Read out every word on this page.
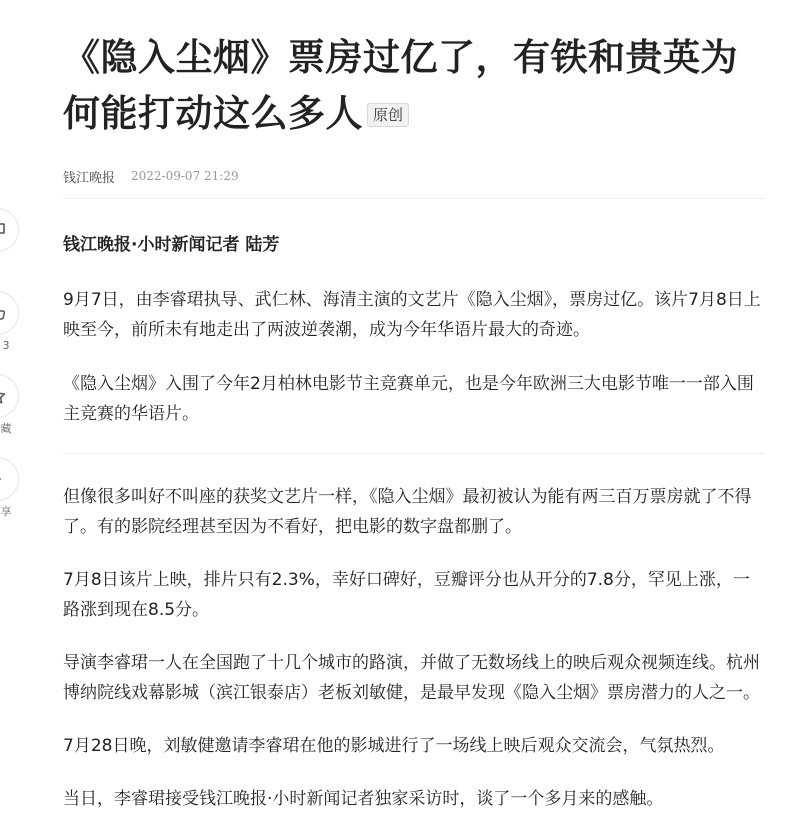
3
藏
享
《隐入尘烟》票房过亿了，有铁和贵英为何能打动这么多人 原创
钱江晚报 2022-09-07 21:29
钱江晚报·小时新闻记者 陆芳

9月7日，由李睿珺执导、武仁林、海清主演的文艺片《隐入尘烟》，票房过亿。该片7月8日上映至今，前所未有地走出了两波逆袭潮，成为今年华语片最大的奇迹。

《隐入尘烟》入围了今年2月柏林电影节主竞赛单元，也是今年欧洲三大电影节唯一一部入围主竞赛的华语片。

但像很多叫好不叫座的获奖文艺片一样，《隐入尘烟》最初被认为能有两三百万票房就了不得了。有的影院经理甚至因为不看好，把电影的数字盘都删了。

7月8日该片上映，排片只有2.3%，幸好口碑好，豆瓣评分也从开分的7.8分，罕见上涨，一路涨到现在8.5分。

导演李睿珺一人在全国跑了十几个城市的路演，并做了无数场线上的映后观众视频连线。杭州博纳院线戏幕影城（滨江银泰店）老板刘敏健，是最早发现《隐入尘烟》票房潜力的人之一。

7月28日晚，刘敏健邀请李睿珺在他的影城进行了一场线上映后观众交流会，气氛热烈。

当日，李睿珺接受钱江晚报·小时新闻记者独家采访时，谈了一个多月来的感触。
